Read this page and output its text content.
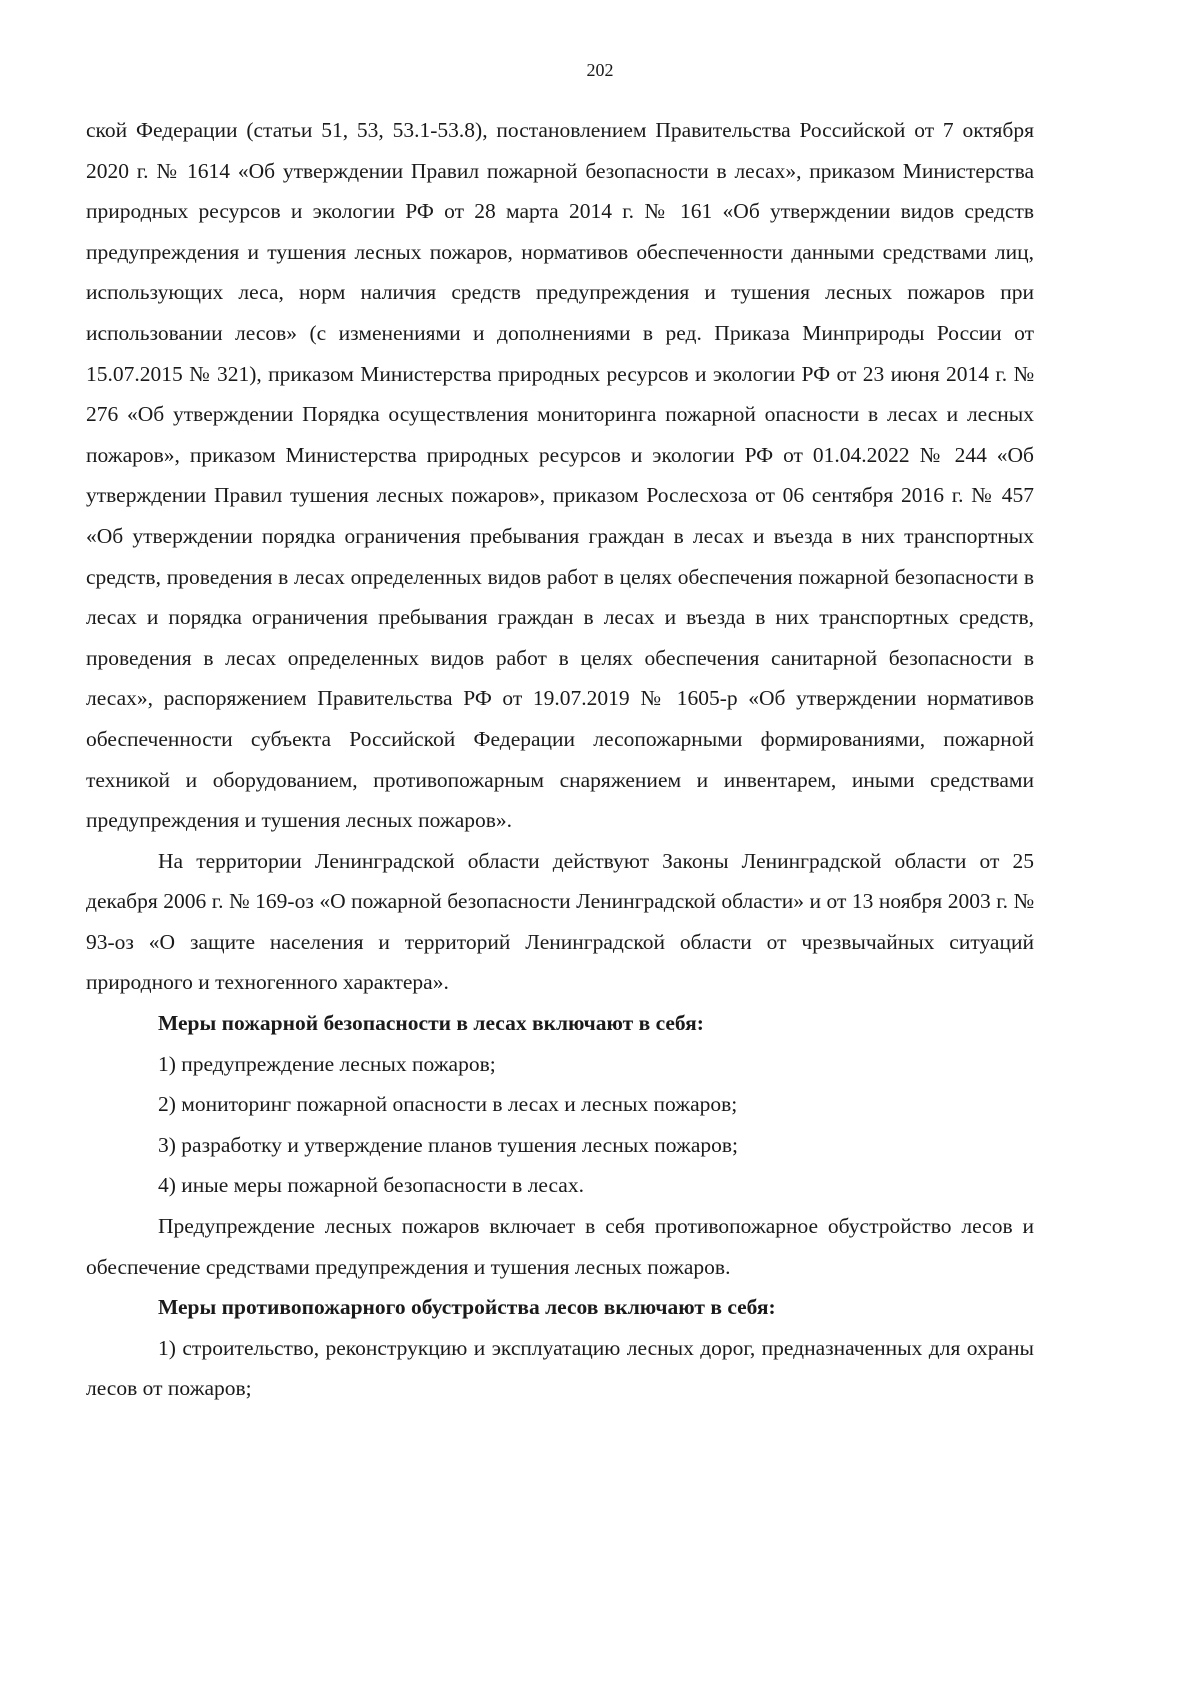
202

ской Федерации (статьи 51, 53, 53.1-53.8), постановлением Правительства Российской от 7 октября 2020 г. № 1614 «Об утверждении Правил пожарной безопасности в лесах», приказом Министерства природных ресурсов и экологии РФ от 28 марта 2014 г. № 161 «Об утверждении видов средств предупреждения и тушения лесных пожаров, нормативов обеспеченности данными средствами лиц, использующих леса, норм наличия средств предупреждения и тушения лесных пожаров при использовании лесов» (с изменениями и дополнениями в ред. Приказа Минприроды России от 15.07.2015 № 321), приказом Министерства природных ресурсов и экологии РФ от 23 июня 2014 г. № 276 «Об утверждении Порядка осуществления мониторинга пожарной опасности в лесах и лесных пожаров», приказом Министерства природных ресурсов и экологии РФ от 01.04.2022 № 244 «Об утверждении Правил тушения лесных пожаров», приказом Рослесхоза от 06 сентября 2016 г. № 457 «Об утверждении порядка ограничения пребывания граждан в лесах и въезда в них транспортных средств, проведения в лесах определенных видов работ в целях обеспечения пожарной безопасности в лесах и порядка ограничения пребывания граждан в лесах и въезда в них транспортных средств, проведения в лесах определенных видов работ в целях обеспечения санитарной безопасности в лесах», распоряжением Правительства РФ от 19.07.2019 № 1605-р «Об утверждении нормативов обеспеченности субъекта Российской Федерации лесопожарными формированиями, пожарной техникой и оборудованием, противопожарным снаряжением и инвентарем, иными средствами предупреждения и тушения лесных пожаров».

На территории Ленинградской области действуют Законы Ленинградской области от 25 декабря 2006 г. № 169-оз «О пожарной безопасности Ленинградской области» и от 13 ноября 2003 г. № 93-оз «О защите населения и территорий Ленинградской области от чрезвычайных ситуаций природного и техногенного характера».

Меры пожарной безопасности в лесах включают в себя:

1) предупреждение лесных пожаров;

2) мониторинг пожарной опасности в лесах и лесных пожаров;

3) разработку и утверждение планов тушения лесных пожаров;

4) иные меры пожарной безопасности в лесах.

Предупреждение лесных пожаров включает в себя противопожарное обустройство лесов и обеспечение средствами предупреждения и тушения лесных пожаров.

Меры противопожарного обустройства лесов включают в себя:

1) строительство, реконструкцию и эксплуатацию лесных дорог, предназначенных для охраны лесов от пожаров;
